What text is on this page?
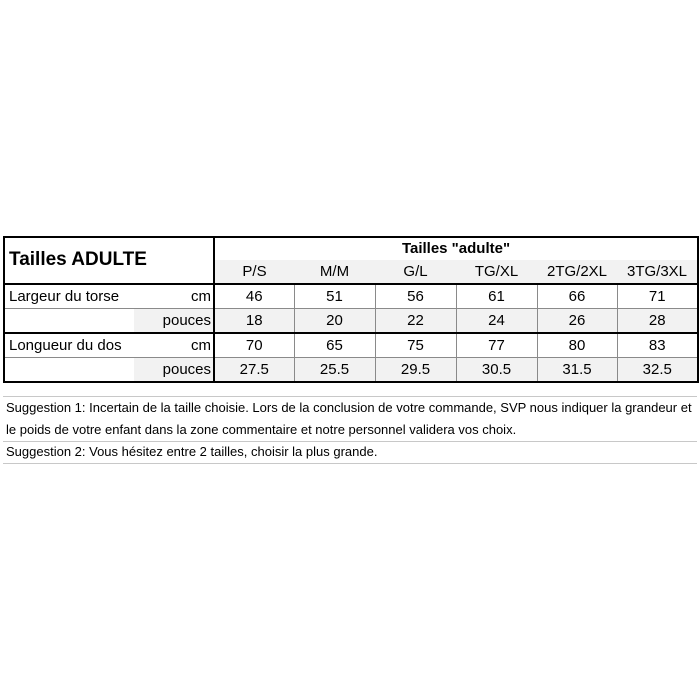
Tailles ADULTE		Tailles "adulte"					
		P/S	M/M	G/L	TG/XL	2TG/2XL	3TG/3XL
Largeur du torse	cm	46	51	56	61	66	71
	pouces	18	20	22	24	26	28
Longueur du dos	cm	70	65	75	77	80	83
	pouces	27.5	25.5	29.5	30.5	31.5	32.5
Suggestion 1: Incertain de la taille choisie. Lors de la conclusion de votre commande, SVP nous indiquer la grandeur et le poids de votre enfant dans la zone commentaire et notre personnel validera vos choix.
Suggestion 2: Vous hésitez entre 2 tailles, choisir la plus grande.
